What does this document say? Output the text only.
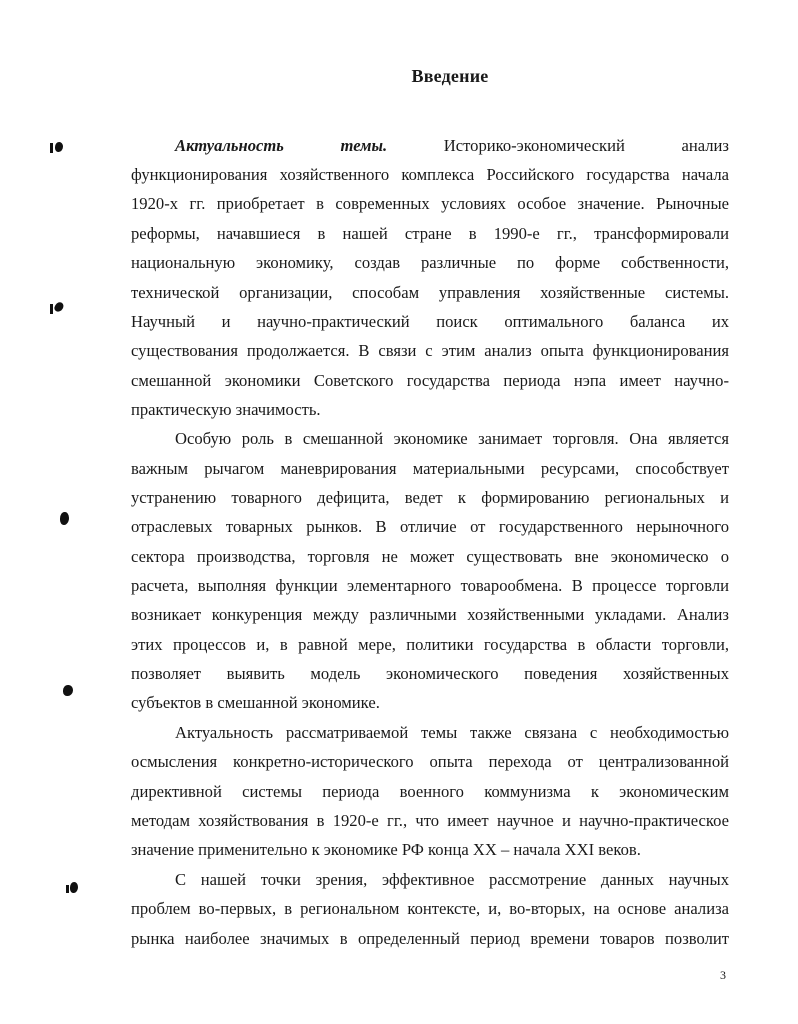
Введение
Актуальность	темы.	Историко-экономический	анализ
функционирования хозяйственного комплекса Российского государства начала
1920-х гг. приобретает в современных условиях особое значение. Рыночные
реформы, начавшиеся в нашей стране в 1990-е гг., трансформировали
национальную экономику, создав различные по форме собственности,
технической организации, способам управления хозяйственные системы.
Научный и научно-практический поиск оптимального баланса их
существования продолжается. В связи с этим анализ опыта функционирования
смешанной экономики Советского государства периода нэпа имеет научно-
практическую значимость.
Особую роль в смешанной экономике занимает торговля. Она является
важным рычагом маневрирования материальными ресурсами, способствует
устранению товарного дефицита, ведет к формированию региональных и
отраслевых товарных рынков. В отличие от государственного нерыночного
сектора производства, торговля не может существовать вне экономическо о
расчета, выполняя функции элементарного товарообмена. В процессе торговли
возникает конкуренция между различными хозяйственными укладами. Анализ
этих процессов и, в равной мере, политики государства в области торговли,
позволяет выявить модель экономического поведения хозяйственных
субъектов в смешанной экономике.
Актуальность рассматриваемой темы также связана с необходимостью
осмысления конкретно-исторического опыта перехода от централизованной
директивной системы периода военного коммунизма к экономическим
методам хозяйствования в 1920-е гг., что имеет научное и научно-практическое
значение применительно к экономике РФ конца XX – начала XXI веков.
С нашей точки зрения, эффективное рассмотрение данных научных
проблем во-первых, в региональном контексте, и, во-вторых, на основе анализа
рынка наиболее значимых в определенный период времени товаров позволит
3
